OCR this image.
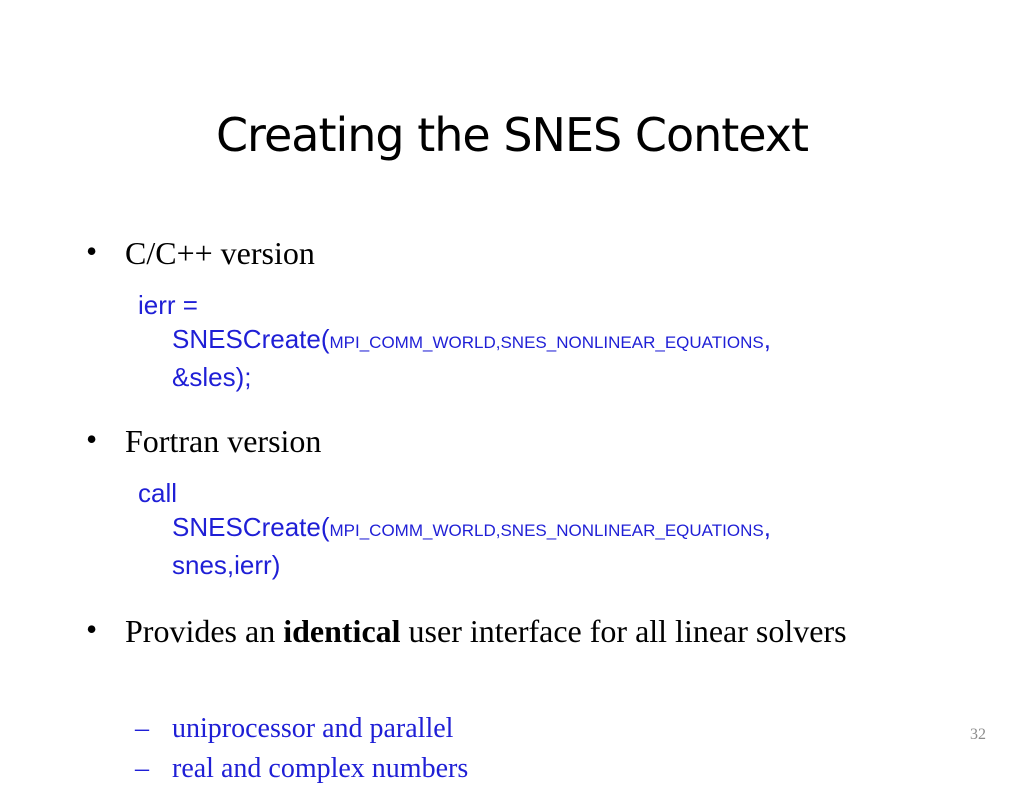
Creating the SNES Context
• C/C++ version
ierr =
SNESCreate(MPI_COMM_WORLD,SNES_NONLINEAR_EQUATIONS,
&sles);
• Fortran version
call
SNESCreate(MPI_COMM_WORLD,SNES_NONLINEAR_EQUATIONS,
snes,ierr)
• Provides an identical user interface for all linear solvers
– uniprocessor and parallel
– real and complex numbers
32
